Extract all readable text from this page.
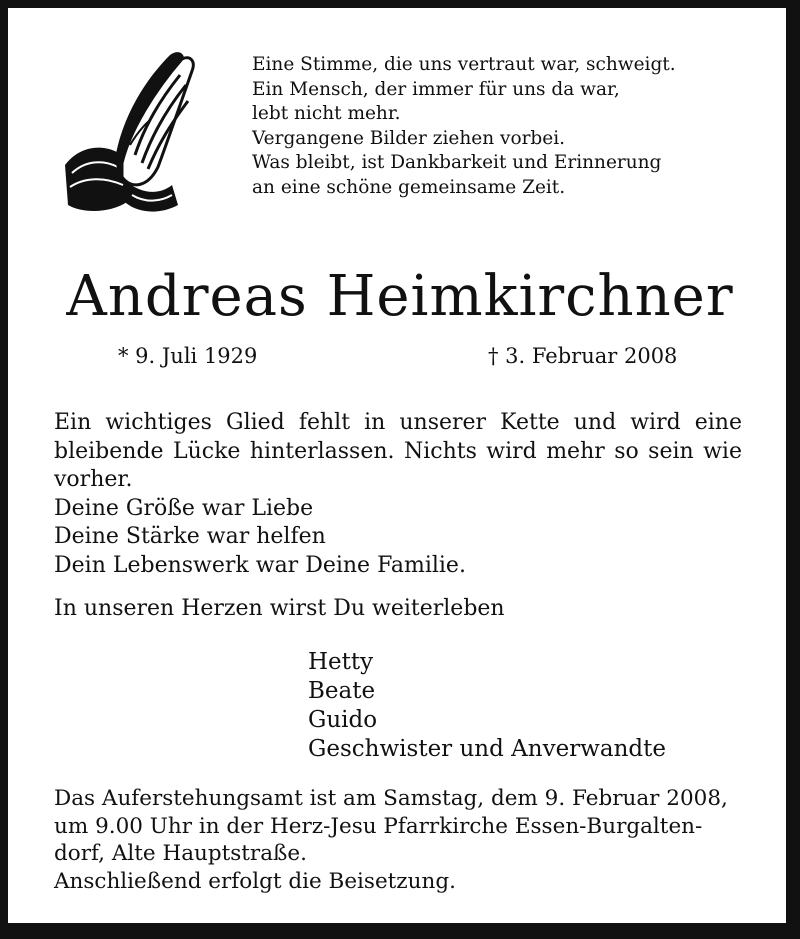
Eine Stimme, die uns vertraut war, schweigt.
Ein Mensch, der immer für uns da war,
lebt nicht mehr.
Vergangene Bilder ziehen vorbei.
Was bleibt, ist Dankbarkeit und Erinnerung
an eine schöne gemeinsame Zeit.
Andreas Heimkirchner
* 9. Juli 1929	† 3. Februar 2008
Ein wichtiges Glied fehlt in unserer Kette und wird eine bleibende Lücke hinterlassen. Nichts wird mehr so sein wie vorher.
Deine Größe war Liebe
Deine Stärke war helfen
Dein Lebenswerk war Deine Familie.
In unseren Herzen wirst Du weiterleben
Hetty
Beate
Guido
Geschwister und Anverwandte
Das Auferstehungsamt ist am Samstag, dem 9. Februar 2008,
um 9.00 Uhr in der Herz-Jesu Pfarrkirche Essen-Burgalten-
dorf, Alte Hauptstraße.
Anschließend erfolgt die Beisetzung.
